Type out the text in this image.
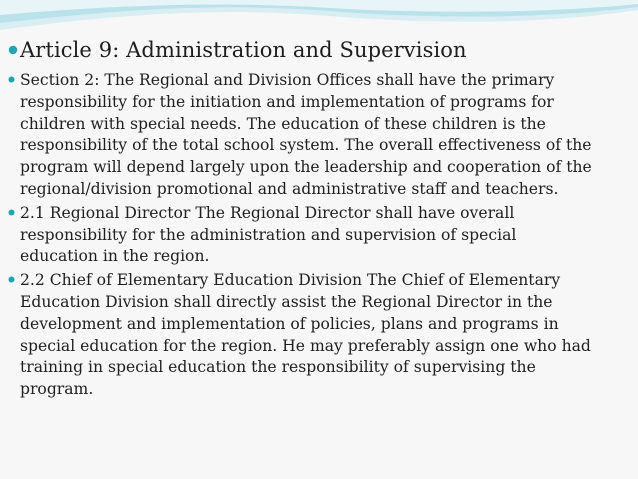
Article 9: Administration and Supervision
Section 2: The Regional and Division Offices shall have the primary
responsibility for the initiation and implementation of programs for
children with special needs. The education of these children is the
responsibility of the total school system. The overall effectiveness of the
program will depend largely upon the leadership and cooperation of the
regional/division promotional and administrative staff and teachers.
2.1 Regional Director The Regional Director shall have overall
responsibility for the administration and supervision of special
education in the region.
2.2 Chief of Elementary Education Division The Chief of Elementary
Education Division shall directly assist the Regional Director in the
development and implementation of policies, plans and programs in
special education for the region. He may preferably assign one who had
training in special education the responsibility of supervising the
program.
